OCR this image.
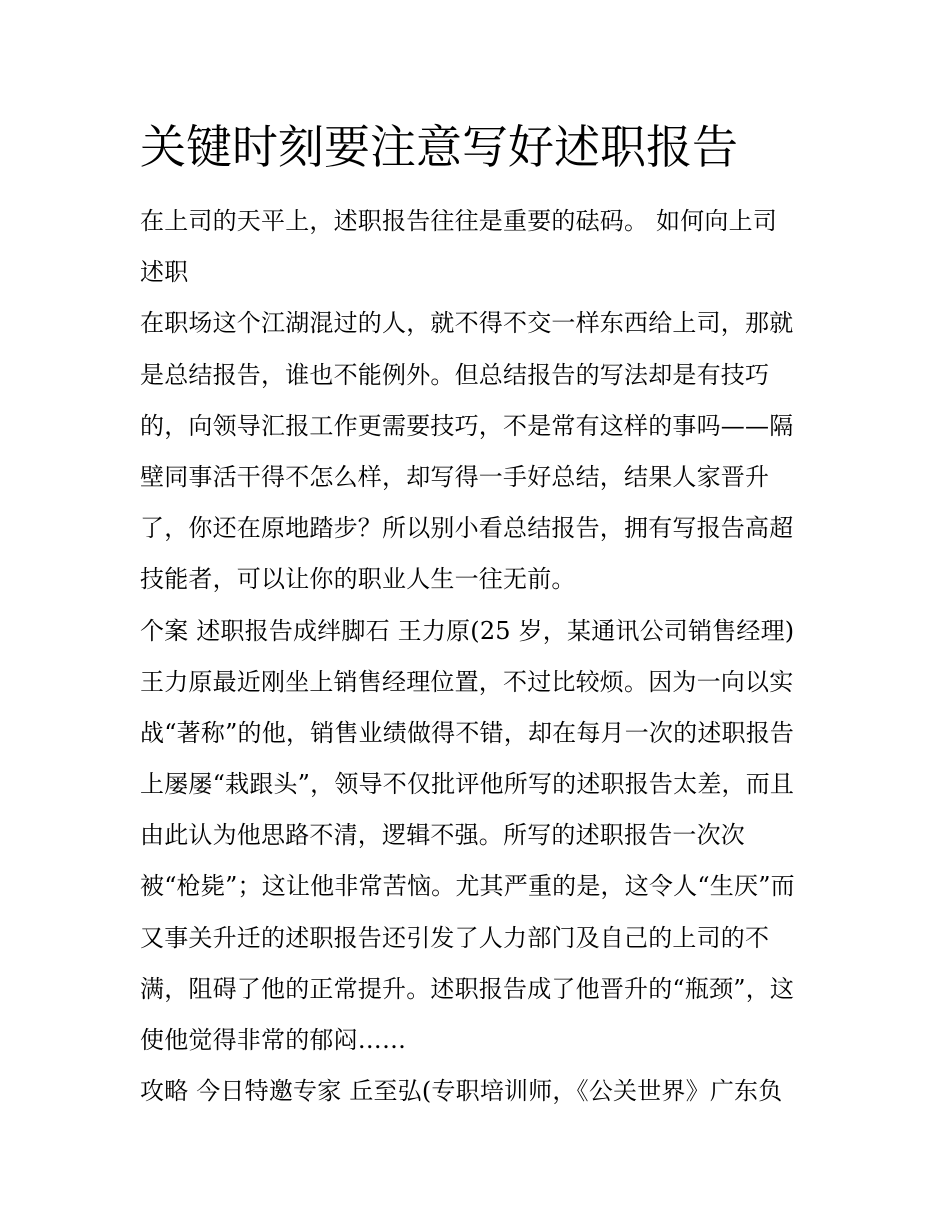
关键时刻要注意写好述职报告
在上司的天平上，述职报告往往是重要的砝码。 如何向上司
述职
在职场这个江湖混过的人，就不得不交一样东西给上司，那就
是总结报告，谁也不能例外。但总结报告的写法却是有技巧
的，向领导汇报工作更需要技巧，不是常有这样的事吗——隔
壁同事活干得不怎么样，却写得一手好总结，结果人家晋升
了，你还在原地踏步？所以别小看总结报告，拥有写报告高超
技能者，可以让你的职业人生一往无前。
个案 述职报告成绊脚石 王力原(25 岁，某通讯公司销售经理)
王力原最近刚坐上销售经理位置，不过比较烦。因为一向以实
战“著称”的他，销售业绩做得不错，却在每月一次的述职报告
上屡屡“栽跟头”，领导不仅批评他所写的述职报告太差，而且
由此认为他思路不清，逻辑不强。所写的述职报告一次次
被“枪毙”；这让他非常苦恼。尤其严重的是，这令人“生厌”而
又事关升迁的述职报告还引发了人力部门及自己的上司的不
满，阻碍了他的正常提升。述职报告成了他晋升的“瓶颈”，这
使他觉得非常的郁闷……
攻略 今日特邀专家 丘至弘(专职培训师，《公关世界》广东负
